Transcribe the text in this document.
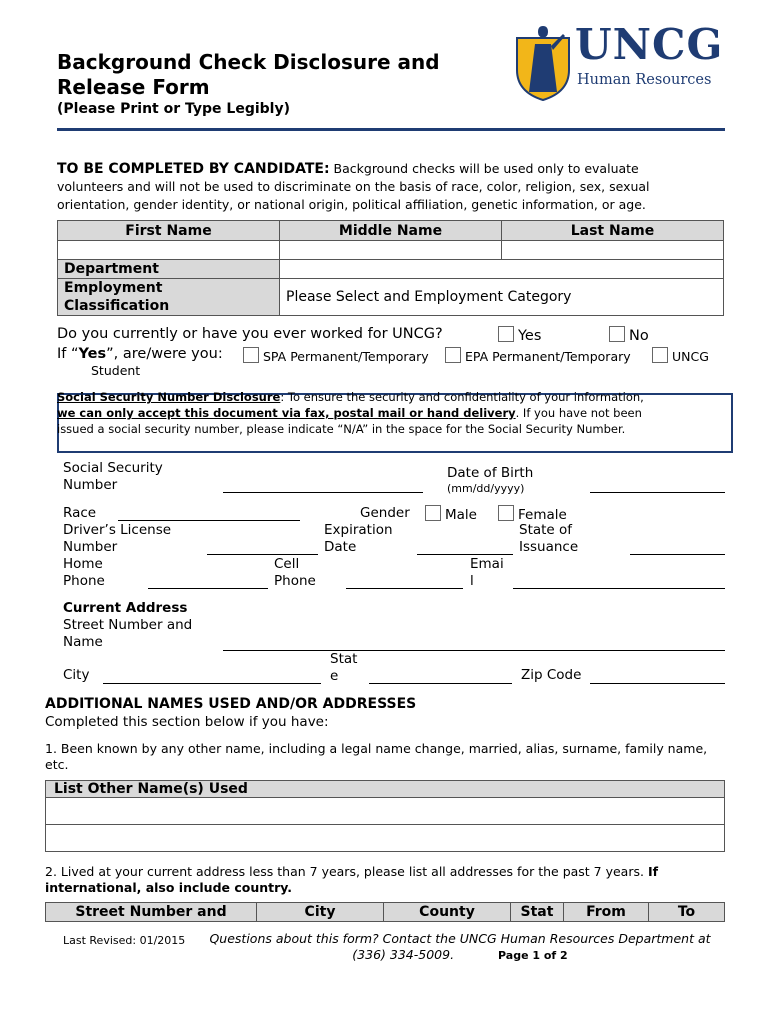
Background Check Disclosure and
Release Form
(Please Print or Type Legibly)
UNCG
Human Resources
TO BE COMPLETED BY CANDIDATE: Background checks will be used only to evaluate
volunteers and will not be used to discriminate on the basis of race, color, religion, sex, sexual
orientation, gender identity, or national origin, political affiliation, genetic information, or age.
First Name	Middle Name	Last Name

Department		
Employment
Classification	Please Select and Employment Category	
Do you currently or have you ever worked for UNCG?	Yes	No
If “Yes”, are/were you:	SPA Permanent/Temporary	EPA Permanent/Temporary	UNCG
Student
Social Security Number Disclosure: To ensure the security and confidentiality of your information,
we can only accept this document via fax, postal mail or hand delivery. If you have not been
issued a social security number, please indicate “N/A” in the space for the Social Security Number.
Social Security
Number
Date of Birth
(mm/dd/yyyy)
Race	Gender	Male	Female
Driver’s License
Number
Expiration
Date
State of
Issuance
Home
Phone
Cell
Phone
Emai
l
Current Address
Street Number and
Name
City
Stat
e	Zip Code
ADDITIONAL NAMES USED AND/OR ADDRESSES
Completed this section below if you have:
1. Been known by any other name, including a legal name change, married, alias, surname, family name,
etc.
List Other Name(s) Used

2. Lived at your current address less than 7 years, please list all addresses for the past 7 years. If
international, also include country.
Street Number and	City	County	Stat	From	To
Last Revised: 01/2015	Questions about this form? Contact the UNCG Human Resources Department at
(336) 334-5009.	Page 1 of 2
